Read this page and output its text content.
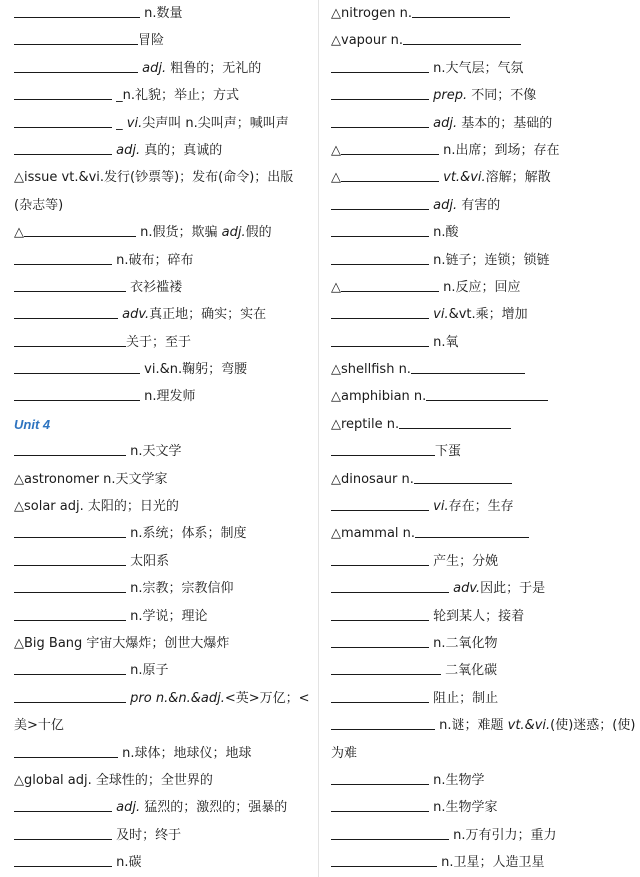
n.数量
冒险
adj. 粗鲁的；无礼的
_n.礼貌；举止；方式
_ vi.尖声叫 n.尖叫声；喊叫声
adj. 真的；真诚的
△issue vt.&vi.发行(钞票等)；发布(命令)；出版
(杂志等)
△	n.假货；欺骗 adj.假的
n.破布；碎布
衣衫褴褛
adv.真正地；确实；实在
关于；至于
vi.&n.鞠躬；弯腰
n.理发师
Unit 4
n.天文学
△astronomer n.天文学家
△solar adj. 太阳的；日光的
n.系统；体系；制度
太阳系
n.宗教；宗教信仰
n.学说；理论
△Big Bang 宇宙大爆炸；创世大爆炸
n.原子
pro n.&n.&adj.<英>万亿；<
美>十亿
n.球体；地球仪；地球
△global adj. 全球性的；全世界的
adj. 猛烈的；激烈的；强暴的
及时；终于
n.碳
△nitrogen n.
△vapour n.
n.大气层；气氛
prep. 不同；不像
adj. 基本的；基础的
△	n.出席；到场；存在
△	vt.&vi.溶解；解散
adj. 有害的
n.酸
n.链子；连锁；锁链
△	n.反应；回应
vi.&vt.乘；增加
n.氧
△shellfish n.
△amphibian n.
△reptile n.
下蛋
△dinosaur n.
vi.存在；生存
△mammal n.
产生；分娩
adv.因此；于是
轮到某人；接着
n.二氧化物
二氧化碳
阻止；制止
n.谜；难题 vt.&vi.(使)迷惑；(使)
为难
n.生物学
n.生物学家
n.万有引力；重力
n.卫星；人造卫星
